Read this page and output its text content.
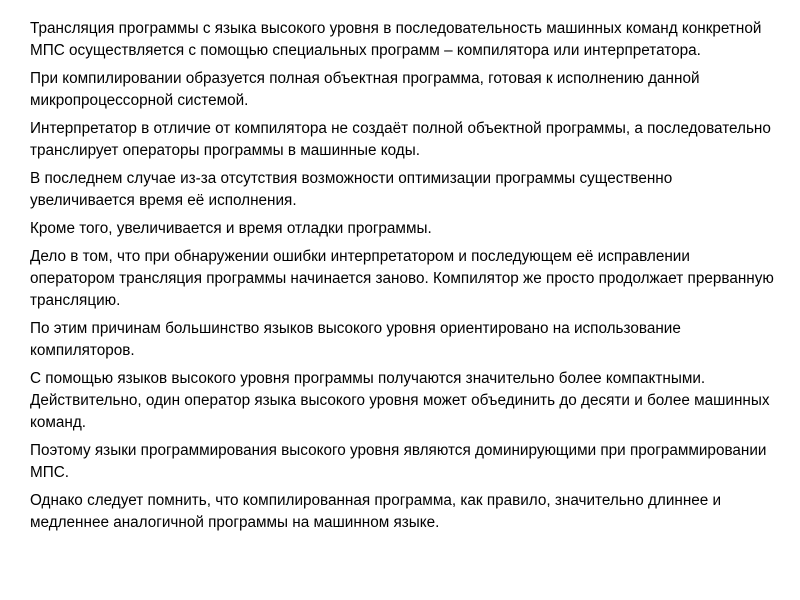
Трансляция программы с языка высокого уровня в последовательность машинных команд конкретной МПС осуществляется с помощью специальных программ – компилятора или интерпретатора.

При компилировании образуется полная объектная программа, готовая к исполнению данной микропроцессорной системой.

Интерпретатор в отличие от компилятора не создаёт полной объектной программы, а последовательно транслирует операторы программы в машинные коды.

В последнем случае из-за отсутствия возможности оптимизации программы существенно увеличивается время её исполнения.

Кроме того, увеличивается и время отладки программы.

Дело в том, что при обнаружении ошибки интерпретатором и последующем её исправлении оператором трансляция программы начинается заново. Компилятор же просто продолжает прерванную трансляцию.

По этим причинам большинство языков высокого уровня ориентировано на использование компиляторов.

С помощью языков высокого уровня программы получаются значительно более компактными. Действительно, один оператор языка высокого уровня может объединить до десяти и более машинных команд.

Поэтому языки программирования высокого уровня являются доминирующими при программировании МПС.

Однако следует помнить, что компилированная программа, как правило, значительно длиннее и медленнее аналогичной программы на машинном языке.
